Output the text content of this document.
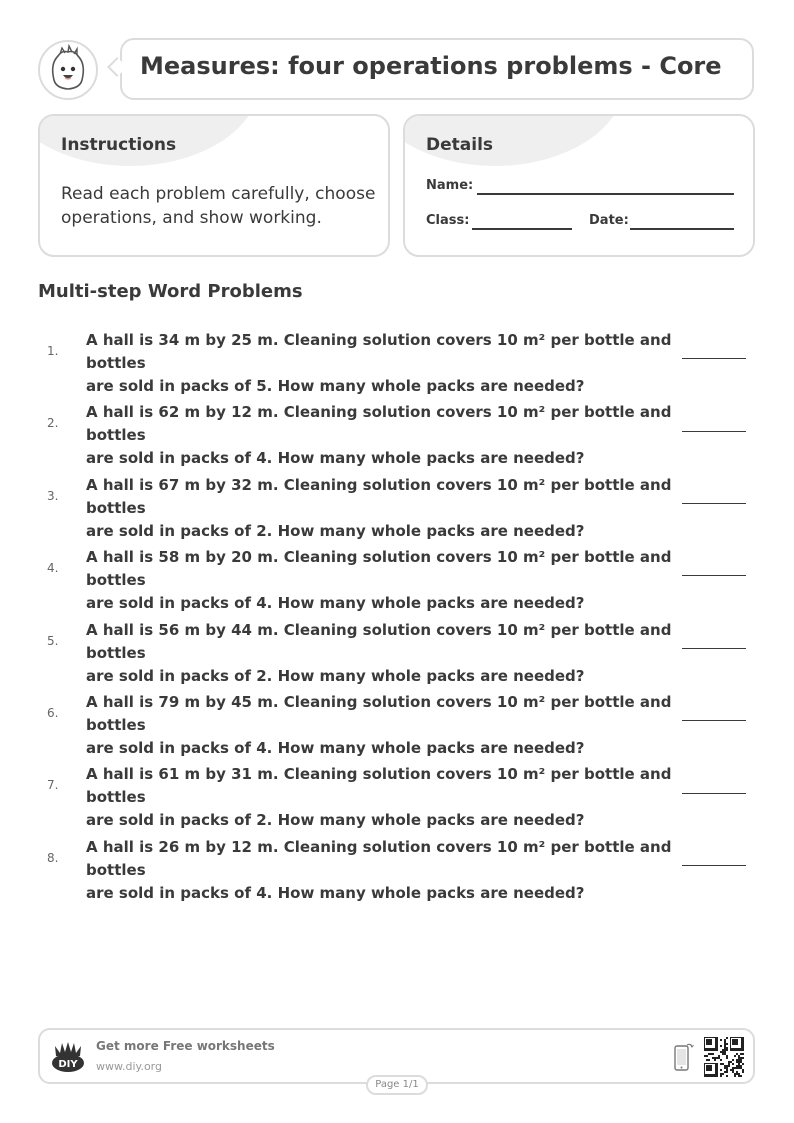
Measures: four operations problems - Core
Instructions
Read each problem carefully, choose operations, and show working.
Details
Name:
Class:	Date:
Multi-step Word Problems
1.
A hall is 34 m by 25 m. Cleaning solution covers 10 m² per bottle and bottles
are sold in packs of 5. How many whole packs are needed?
2.
A hall is 62 m by 12 m. Cleaning solution covers 10 m² per bottle and bottles
are sold in packs of 4. How many whole packs are needed?
3.
A hall is 67 m by 32 m. Cleaning solution covers 10 m² per bottle and bottles
are sold in packs of 2. How many whole packs are needed?
4.
A hall is 58 m by 20 m. Cleaning solution covers 10 m² per bottle and bottles
are sold in packs of 4. How many whole packs are needed?
5.
A hall is 56 m by 44 m. Cleaning solution covers 10 m² per bottle and bottles
are sold in packs of 2. How many whole packs are needed?
6.
A hall is 79 m by 45 m. Cleaning solution covers 10 m² per bottle and bottles
are sold in packs of 4. How many whole packs are needed?
7.
A hall is 61 m by 31 m. Cleaning solution covers 10 m² per bottle and bottles
are sold in packs of 2. How many whole packs are needed?
8.
A hall is 26 m by 12 m. Cleaning solution covers 10 m² per bottle and bottles
are sold in packs of 4. How many whole packs are needed?
DIY
Get more Free worksheets
www.diy.org
Page 1/1
